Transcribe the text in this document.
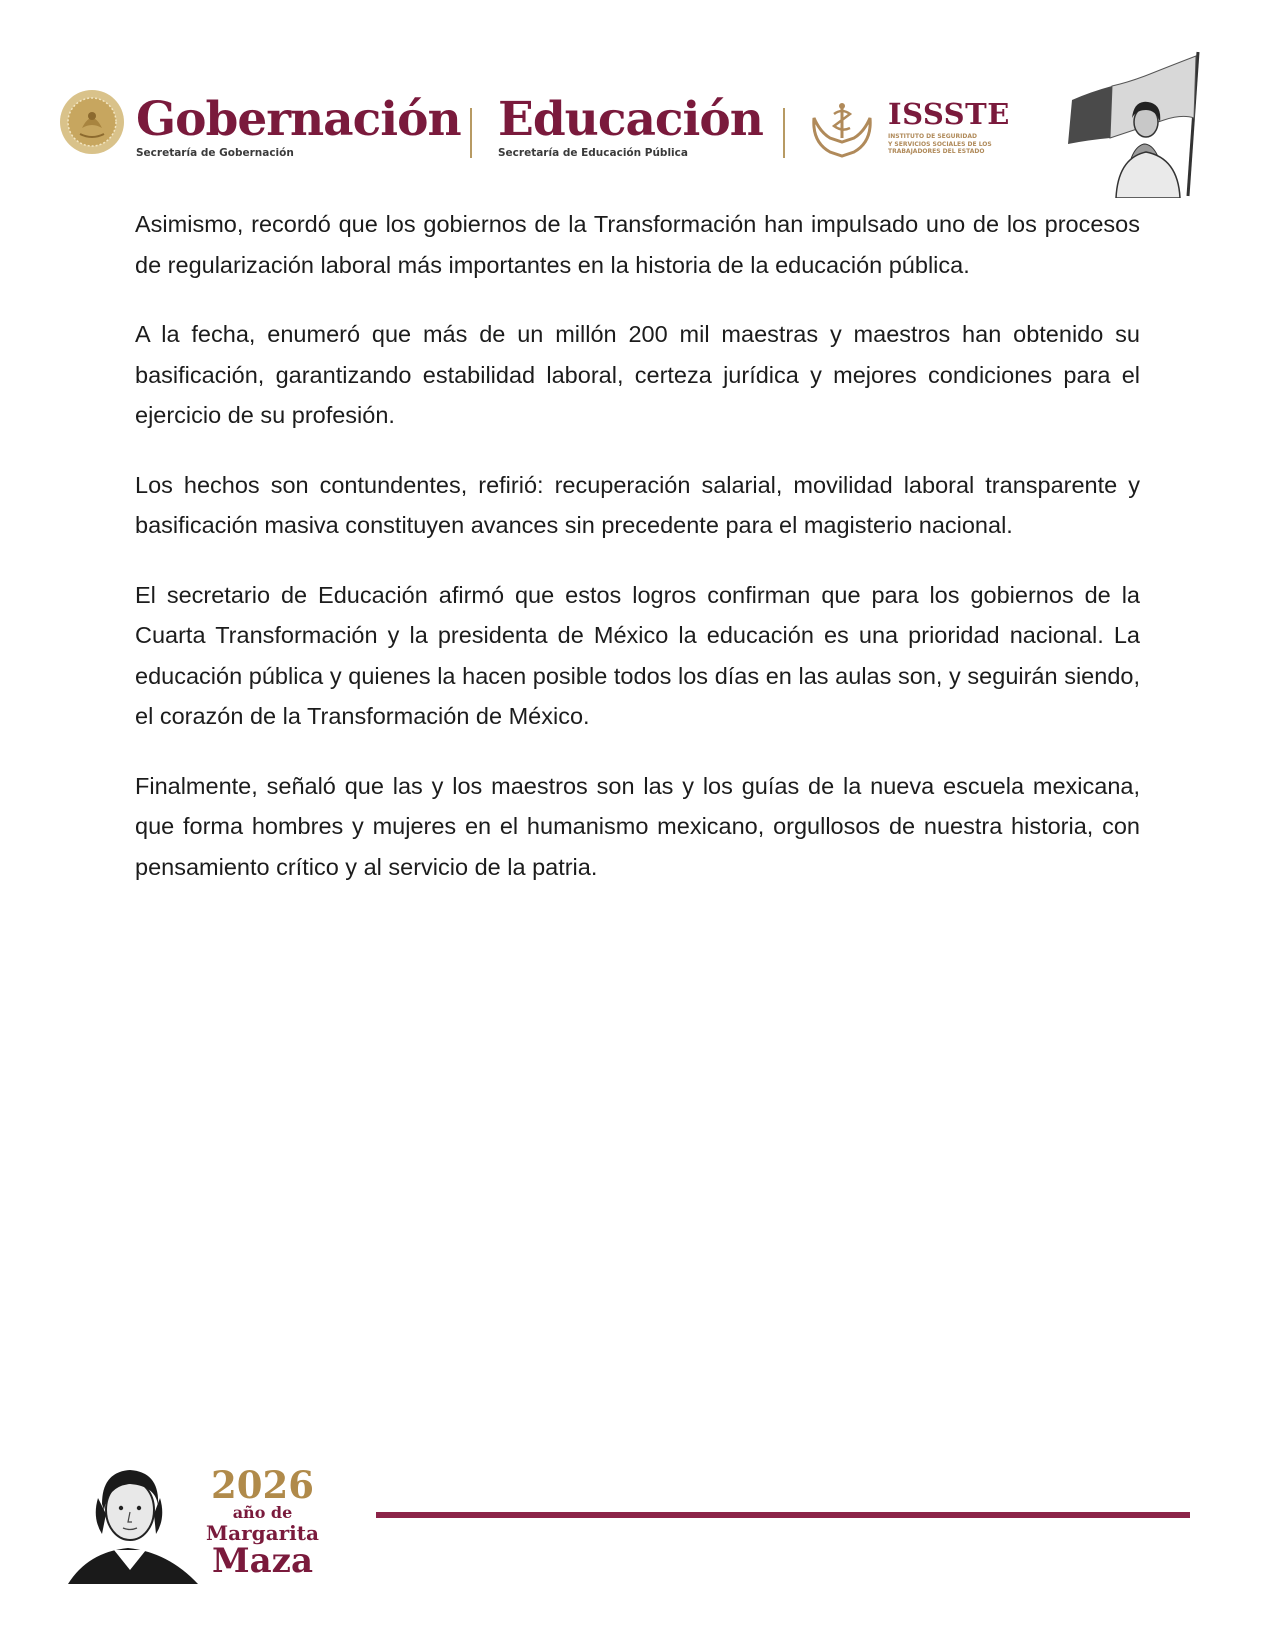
Gobernación
Secretaría de Gobernación
Educación
Secretaría de Educación Pública
ISSSTE
INSTITUTO DE SEGURIDAD
Y SERVICIOS SOCIALES DE LOS
TRABAJADORES DEL ESTADO

Asimismo, recordó que los gobiernos de la Transformación han impulsado uno de los procesos de regularización laboral más importantes en la historia de la educación pública.

A la fecha, enumeró que más de un millón 200 mil maestras y maestros han obtenido su basificación, garantizando estabilidad laboral, certeza jurídica y mejores condiciones para el ejercicio de su profesión.

Los hechos son contundentes, refirió: recuperación salarial, movilidad laboral transparente y basificación masiva constituyen avances sin precedente para el magisterio nacional.

El secretario de Educación afirmó que estos logros confirman que para los gobiernos de la Cuarta Transformación y la presidenta de México la educación es una prioridad nacional. La educación pública y quienes la hacen posible todos los días en las aulas son, y seguirán siendo, el corazón de la Transformación de México.

Finalmente, señaló que las y los maestros son las y los guías de la nueva escuela mexicana, que forma hombres y mujeres en el humanismo mexicano, orgullosos de nuestra historia, con pensamiento crítico y al servicio de la patria.

2026
año de
Margarita
Maza
